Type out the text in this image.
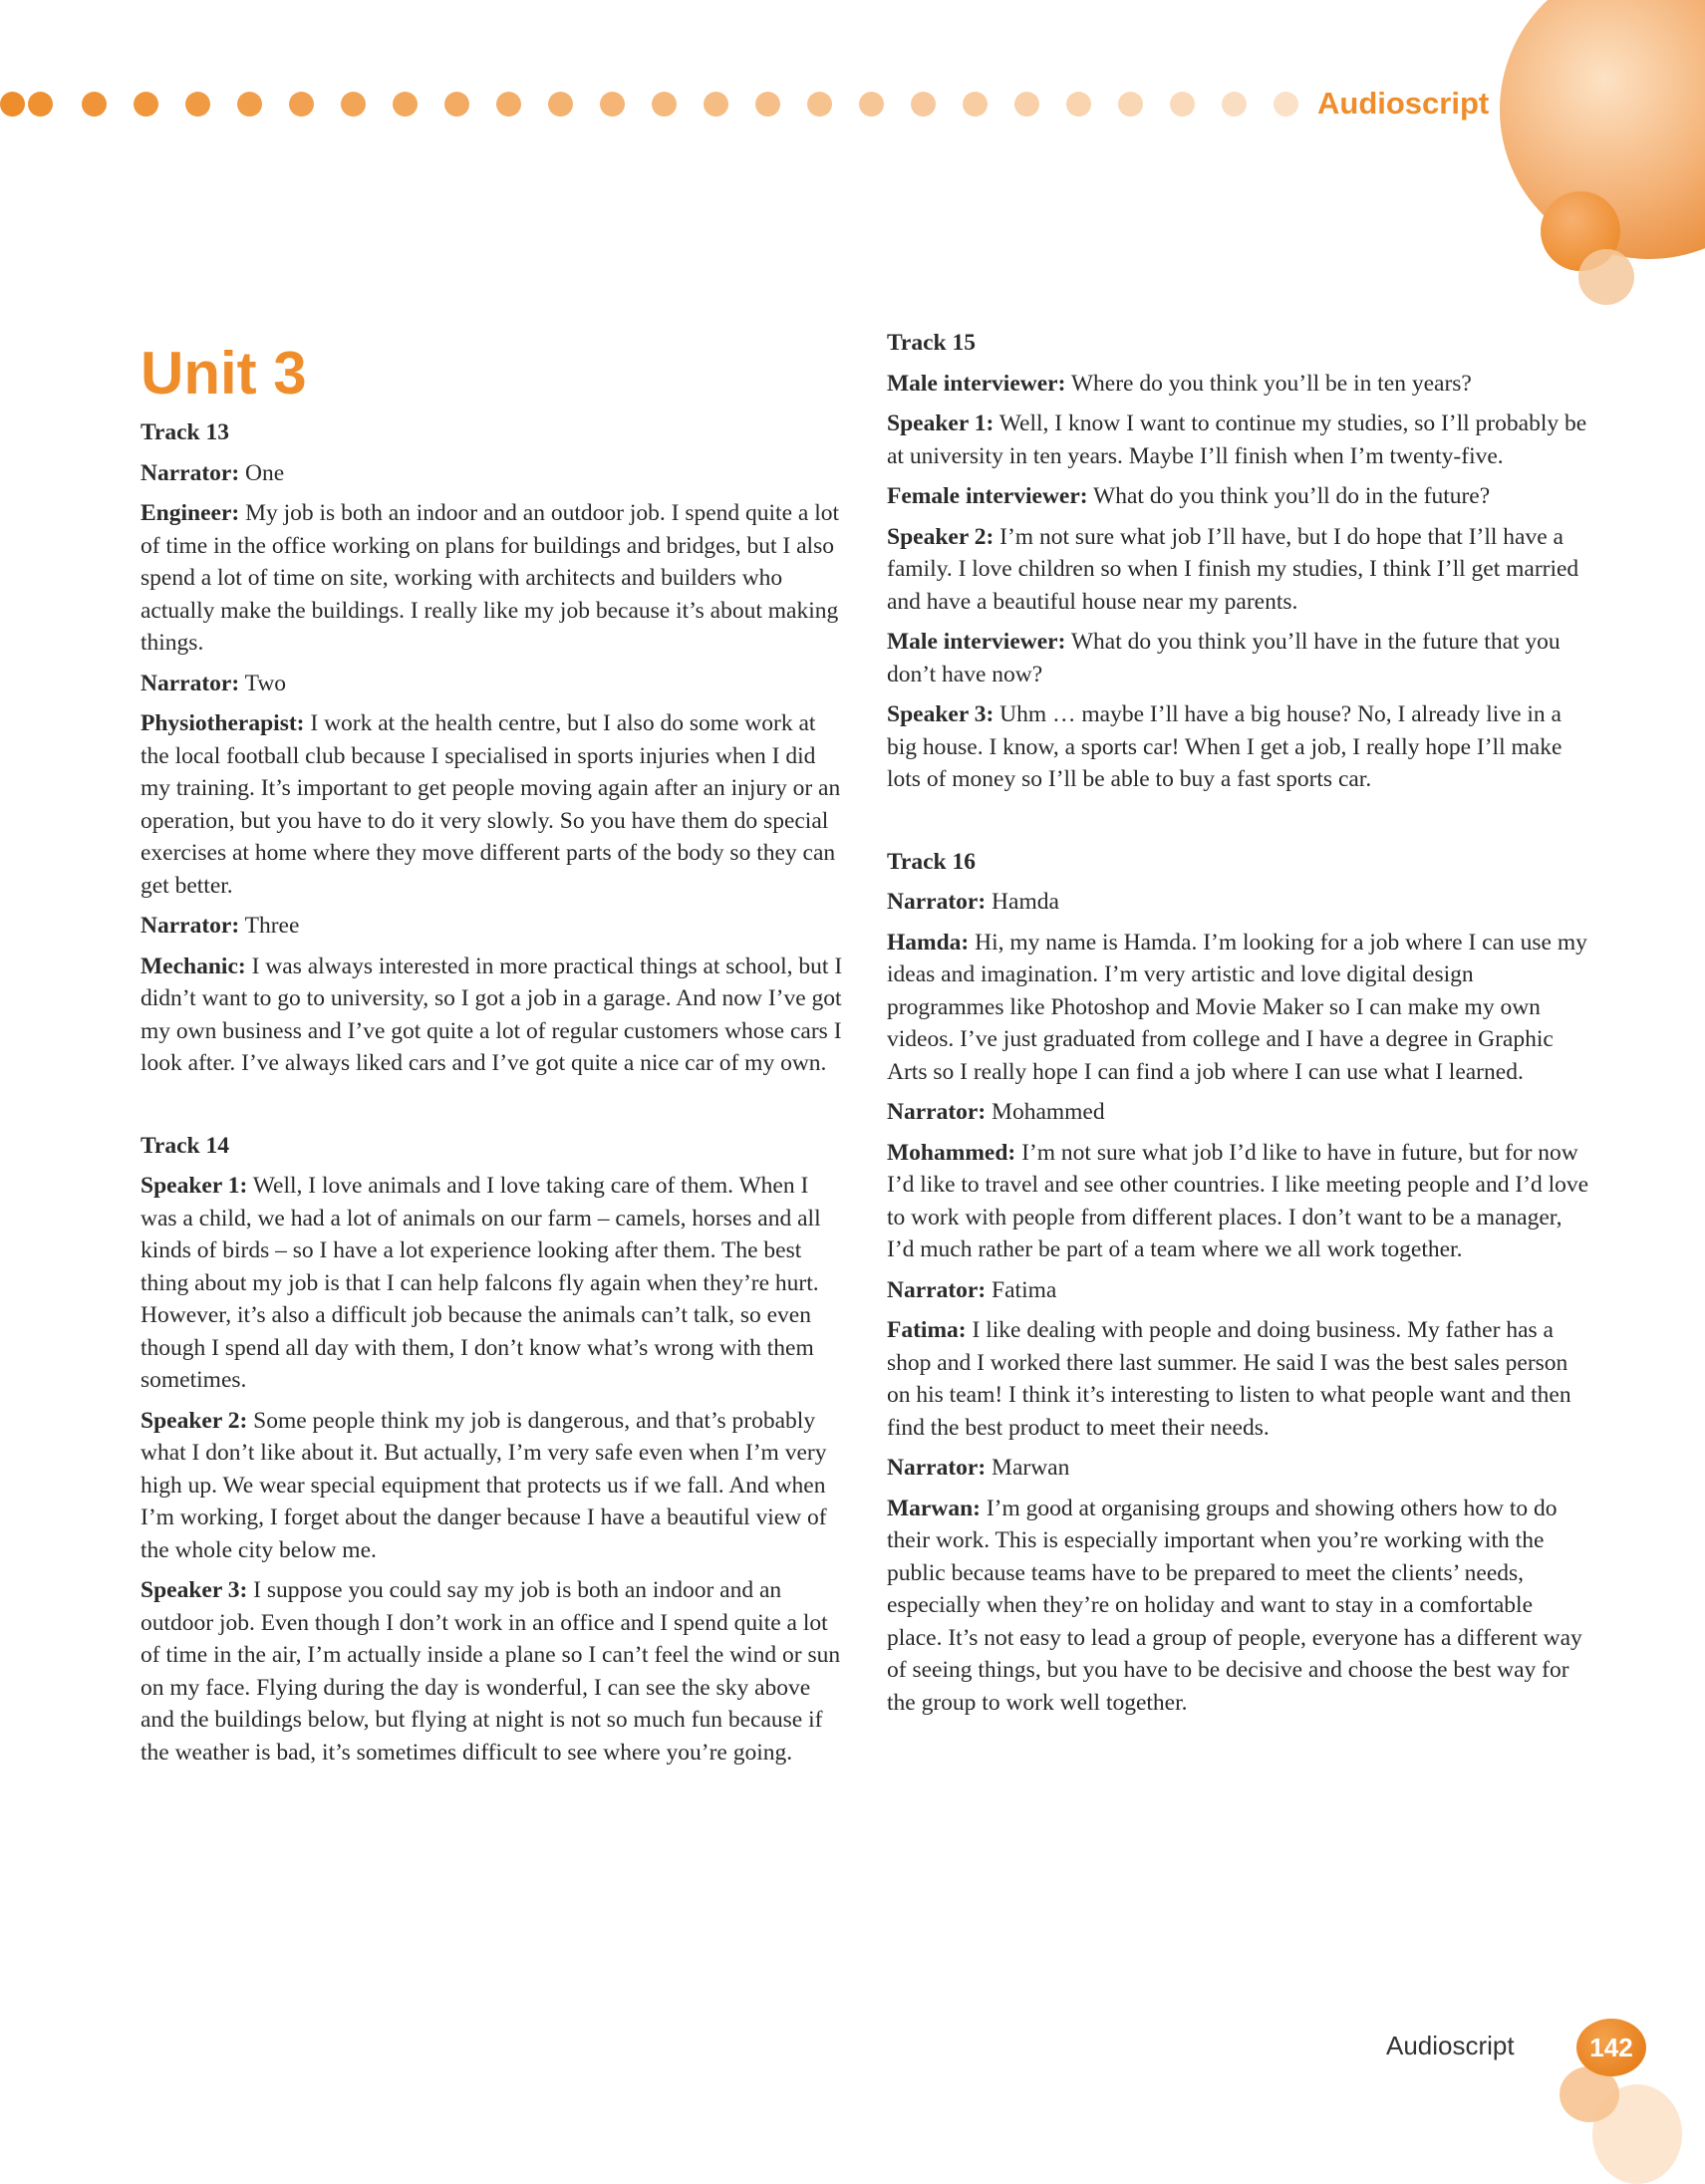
Audioscript
Unit 3
Track 13

Narrator: One

Engineer: My job is both an indoor and an outdoor job. I spend quite a lot of time in the office working on plans for buildings and bridges, but I also spend a lot of time on site, working with architects and builders who actually make the buildings. I really like my job because it’s about making things.

Narrator: Two

Physiotherapist: I work at the health centre, but I also do some work at the local football club because I specialised in sports injuries when I did my training. It’s important to get people moving again after an injury or an operation, but you have to do it very slowly. So you have them do special exercises at home where they move different parts of the body so they can get better.

Narrator: Three

Mechanic: I was always interested in more practical things at school, but I didn’t want to go to university, so I got a job in a garage. And now I’ve got my own business and I’ve got quite a lot of regular customers whose cars I look after. I’ve always liked cars and I’ve got quite a nice car of my own.

Track 14

Speaker 1: Well, I love animals and I love taking care of them. When I was a child, we had a lot of animals on our farm – camels, horses and all kinds of birds – so I have a lot experience looking after them. The best thing about my job is that I can help falcons fly again when they’re hurt. However, it’s also a difficult job because the animals can’t talk, so even though I spend all day with them, I don’t know what’s wrong with them sometimes.

Speaker 2: Some people think my job is dangerous, and that’s probably what I don’t like about it. But actually, I’m very safe even when I’m very high up. We wear special equipment that protects us if we fall. And when I’m working, I forget about the danger because I have a beautiful view of the whole city below me.

Speaker 3: I suppose you could say my job is both an indoor and an outdoor job. Even though I don’t work in an office and I spend quite a lot of time in the air, I’m actually inside a plane so I can’t feel the wind or sun on my face. Flying during the day is wonderful, I can see the sky above and the buildings below, but flying at night is not so much fun because if the weather is bad, it’s sometimes difficult to see where you’re going.

Track 15

Male interviewer: Where do you think you’ll be in ten years?

Speaker 1: Well, I know I want to continue my studies, so I’ll probably be at university in ten years. Maybe I’ll finish when I’m twenty-five.

Female interviewer: What do you think you’ll do in the future?

Speaker 2: I’m not sure what job I’ll have, but I do hope that I’ll have a family. I love children so when I finish my studies, I think I’ll get married and have a beautiful house near my parents.

Male interviewer: What do you think you’ll have in the future that you don’t have now?

Speaker 3: Uhm … maybe I’ll have a big house? No, I already live in a big house. I know, a sports car! When I get a job, I really hope I’ll make lots of money so I’ll be able to buy a fast sports car.

Track 16

Narrator: Hamda

Hamda: Hi, my name is Hamda. I’m looking for a job where I can use my ideas and imagination. I’m very artistic and love digital design programmes like Photoshop and Movie Maker so I can make my own videos. I’ve just graduated from college and I have a degree in Graphic Arts so I really hope I can find a job where I can use what I learned.

Narrator: Mohammed

Mohammed: I’m not sure what job I’d like to have in future, but for now I’d like to travel and see other countries. I like meeting people and I’d love to work with people from different places. I don’t want to be a manager, I’d much rather be part of a team where we all work together.

Narrator: Fatima

Fatima: I like dealing with people and doing business. My father has a shop and I worked there last summer. He said I was the best sales person on his team! I think it’s interesting to listen to what people want and then find the best product to meet their needs.

Narrator: Marwan

Marwan: I’m good at organising groups and showing others how to do their work. This is especially important when you’re working with the public because teams have to be prepared to meet the clients’ needs, especially when they’re on holiday and want to stay in a comfortable place. It’s not easy to lead a group of people, everyone has a different way of seeing things, but you have to be decisive and choose the best way for the group to work well together.

Audioscript	142
